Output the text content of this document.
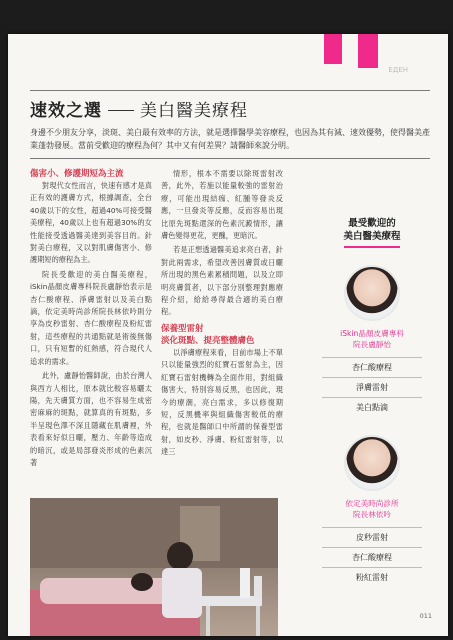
ЕДЕН
速效之選 美白醫美療程
身邊不少朋友分享，淡斑、美白最有效率的方法，就是選擇醫學美容療程，也因為其有減、速效優勢，使得醫美產業蓬勃發展。當前受歡迎的療程為何？其中又有何差異？請醫師來說分明。
傷害小、修護期短為主流

對現代女性而言，快速有感才是真正有效的護膚方式，根據調查，全台40歲以下的女性，超過40%可接受醫美療程，40歲以上也有超過30%的女性能接受透過醫美達到美容目的。針對美白療程，又以對肌膚傷害小、修護期短的療程為主。

院長受歡迎的美白醫美療程，iSkin晶顏皮膚專科院長盧靜怡表示是杏仁酸療程、淨膚雷射以及美白點滴，依定美時尚診所院長林依吟則分享為皮秒雷射、杏仁酸療程及粉紅雷射，這些療程的共通點就是術後無傷口，只有短暫的紅熱感，符合現代人追求的需求。

此外，盧靜怡醫師說，由於台灣人與西方人相比，原本就比較容易曬太陽，先天膚質方面，也不容易生成密密麻麻的斑點，就算真的有斑點，多半呈現色澤不深且隱藏在肌膚裡，外表看來好似日曬，壓力、年齡等造成的暗沉，或是局部發炎形成的色素沉著

情形，根本不需要以除斑雷射改善，此外，若施以能量較強的雷射治療，可能出現結痂、紅腫等發炎反應，一旦發炎等反應，反而容易出現比原先斑點還深的色素沉澱情形，讓膚色變得更花，更醜，更暗沉。

若是正想透過醫美追求亮白者，針對此兩需求，希望改善因膚質或日曬所出現的黑色素累積問題，以及立即明亮膚質者，以下部分別整理對應療程介紹，給給尋得最合適的美白療程。

保養型雷射
淡化斑點、提亮整體膚色

以淨膚療程來看，目前市場上不單只以能量強烈的紅寶石雷射為主，因紅寶石雷射機轉為全面作用，對組織傷害大，特別容易反黑，也因此，現今的療潮，亮白需求，多以修復期短，反黑機率與組織傷害較低的療程，也就是醫師口中所謂的保養型雷射，如皮秒、淨膚、粉紅雷射等，以達三

最受歡迎的
美白醫美療程
iSkin晶顏皮膚專科
院長盧靜怡
杏仁酸療程
淨膚雷射
美白點滴
依定美時尚診所
院長林依吟
皮秒雷射
杏仁酸療程
粉紅雷射
011
